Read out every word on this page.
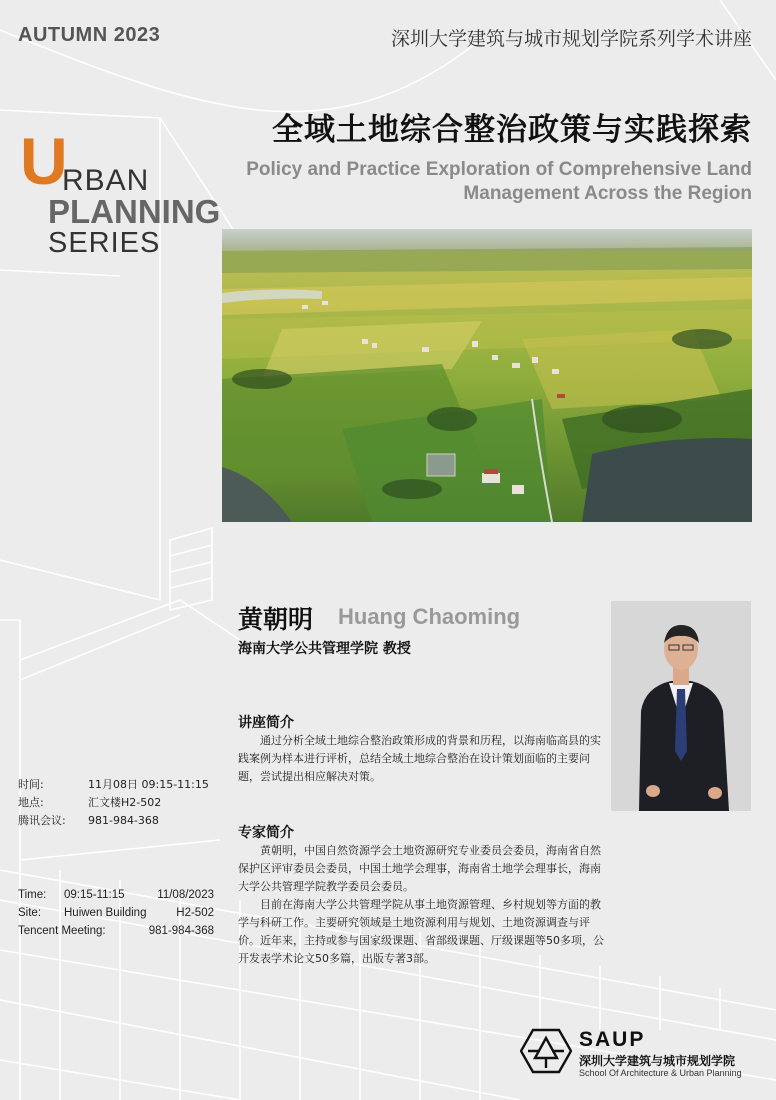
AUTUMN 2023	深圳大学建筑与城市规划学院系列学术讲座
U
RBAN
PLANNING
SERIES
全域土地综合整治政策与实践探索
Policy and Practice Exploration of Comprehensive Land
Management Across the Region
黄朝明 Huang Chaoming
海南大学公共管理学院 教授
讲座简介

通过分析全域土地综合整治政策形成的背景和历程，以海南临高县的实践案例为样本进行评析，总结全域土地综合整治在设计策划面临的主要问题，尝试提出相应解决对策。

专家简介

黄朝明，中国自然资源学会土地资源研究专业委员会委员，海南省自然保护区评审委员会委员，中国土地学会理事，海南省土地学会理事长，海南大学公共管理学院教学委员会委员。

目前在海南大学公共管理学院从事土地资源管理、乡村规划等方面的教学与科研工作。主要研究领域是土地资源利用与规划、土地资源调查与评价。近年来，主持或参与国家级课题、省部级课题、厅级课题等50多项，公开发表学术论文50多篇，出版专著3部。

时间:	11月08日 09:15-11:15
地点:	汇文楼H2-502
腾讯会议: 981-984-368
Time: 09:15-11:15	11/08/2023
Site: Huiwen Building	H2-502
Tencent Meeting:	981-984-368
SAUP
深圳大学建筑与城市规划学院
School Of Architecture & Urban Planning
